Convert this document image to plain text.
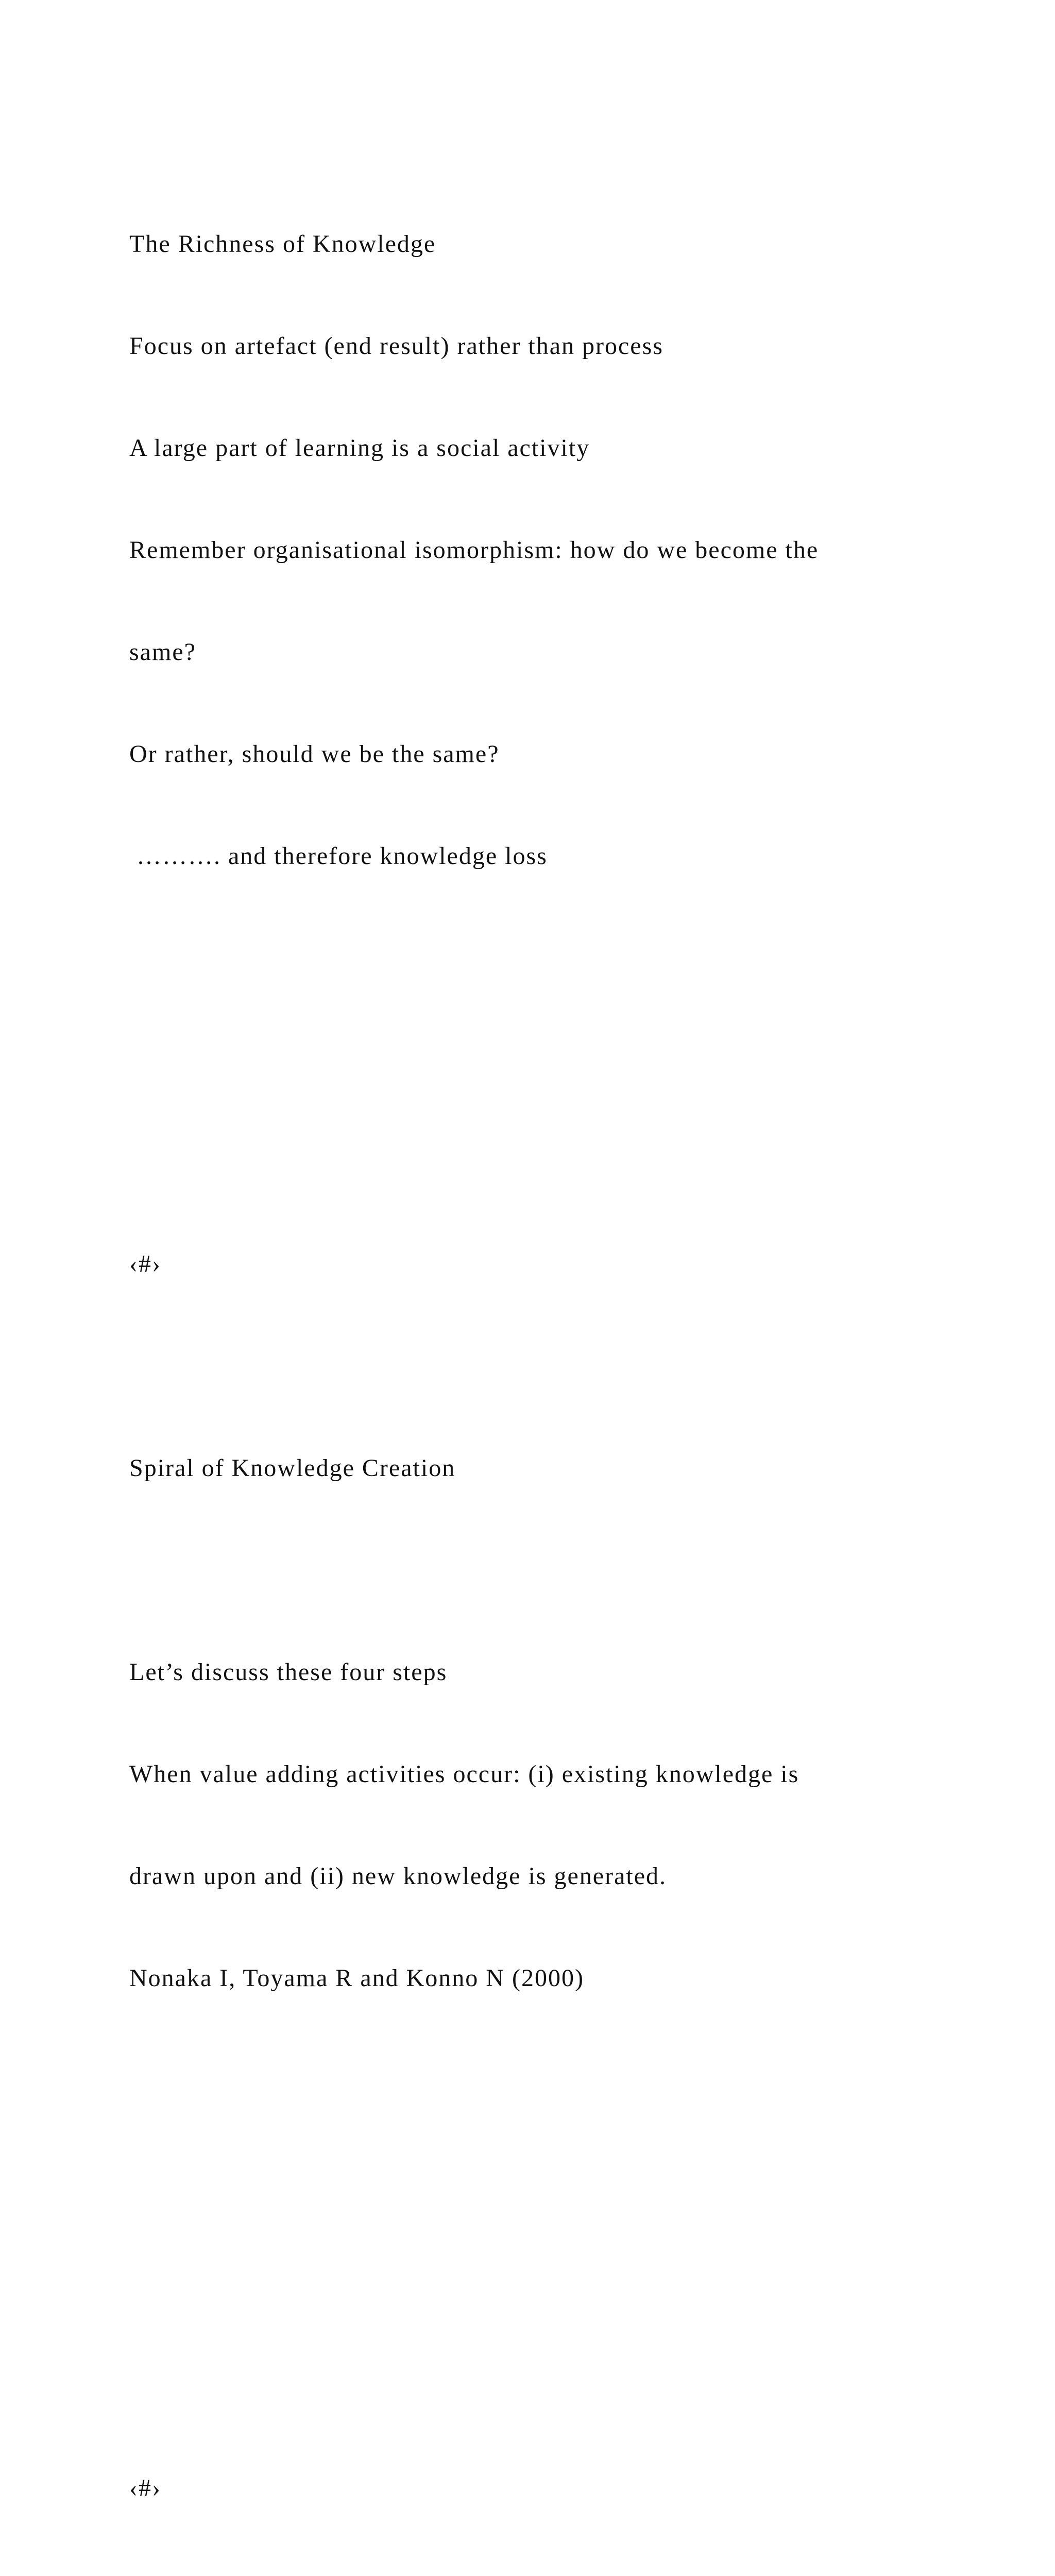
The Richness of Knowledge

Focus on artefact (end result) rather than process

A large part of learning is a social activity

Remember organisational isomorphism: how do we become the

same?

Or rather, should we be the same?

………. and therefore knowledge loss

‹#›

Spiral of Knowledge Creation

Let’s discuss these four steps

When value adding activities occur: (i) existing knowledge is

drawn upon and (ii) new knowledge is generated.

Nonaka I, Toyama R and Konno N (2000)

‹#›
